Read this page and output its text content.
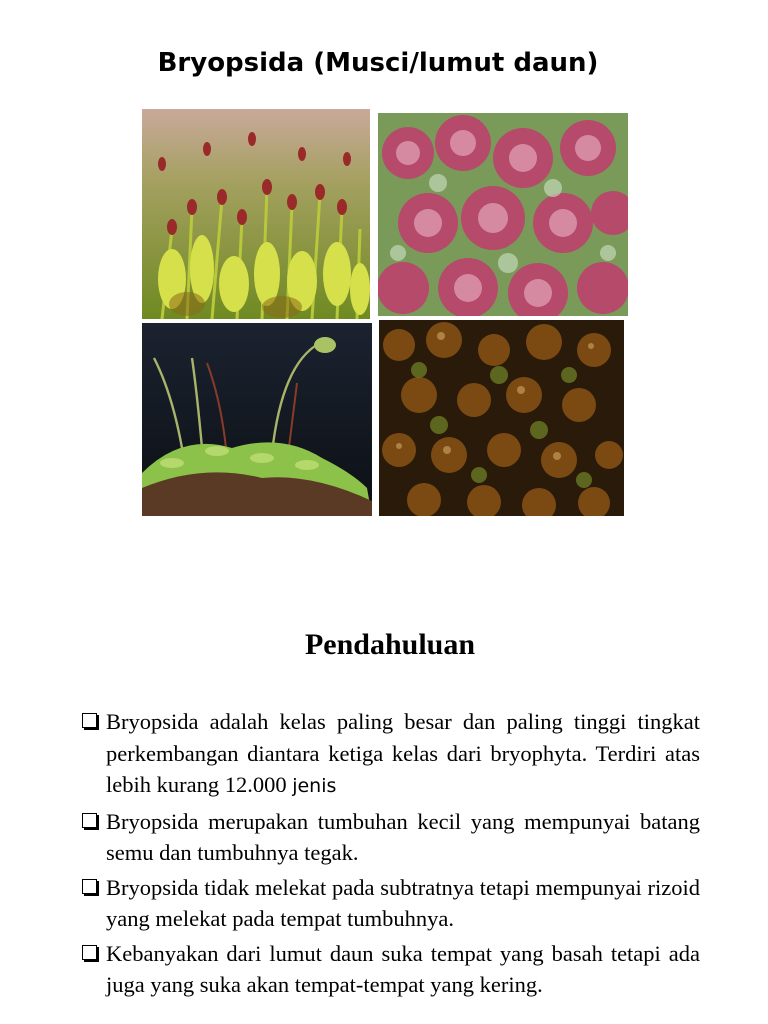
Bryopsida (Musci/lumut daun)
Pendahuluan
Bryopsida adalah kelas paling besar dan paling tinggi tingkat perkembangan diantara ketiga kelas dari bryophyta. Terdiri atas lebih kurang 12.000 jenis
Bryopsida merupakan tumbuhan kecil yang mempunyai batang semu dan tumbuhnya tegak.
Bryopsida tidak melekat pada subtratnya tetapi mempunyai rizoid yang melekat pada tempat tumbuhnya.
Kebanyakan dari lumut daun suka tempat yang basah tetapi ada juga yang suka akan tempat-tempat yang kering.
